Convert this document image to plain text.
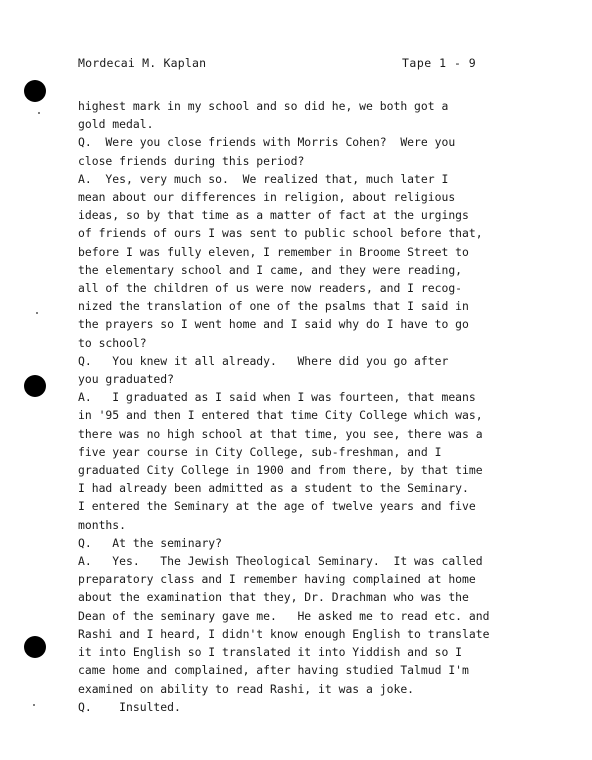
Mordecai M. Kaplan	Tape 1 - 9
highest mark in my school and so did he, we both got a
gold medal.
Q.  Were you close friends with Morris Cohen?  Were you
close friends during this period?
A.  Yes, very much so.  We realized that, much later I
mean about our differences in religion, about religious
ideas, so by that time as a matter of fact at the urgings
of friends of ours I was sent to public school before that,
before I was fully eleven, I remember in Broome Street to
the elementary school and I came, and they were reading,
all of the children of us were now readers, and I recog-
nized the translation of one of the psalms that I said in
the prayers so I went home and I said why do I have to go
to school?
Q.   You knew it all already.   Where did you go after
you graduated?
A.   I graduated as I said when I was fourteen, that means
in '95 and then I entered that time City College which was,
there was no high school at that time, you see, there was a
five year course in City College, sub-freshman, and I
graduated City College in 1900 and from there, by that time
I had already been admitted as a student to the Seminary.
I entered the Seminary at the age of twelve years and five
months.
Q.   At the seminary?
A.   Yes.   The Jewish Theological Seminary.  It was called
preparatory class and I remember having complained at home
about the examination that they, Dr. Drachman who was the
Dean of the seminary gave me.   He asked me to read etc. and
Rashi and I heard, I didn't know enough English to translate
it into English so I translated it into Yiddish and so I
came home and complained, after having studied Talmud I'm
examined on ability to read Rashi, it was a joke.
Q.    Insulted.
